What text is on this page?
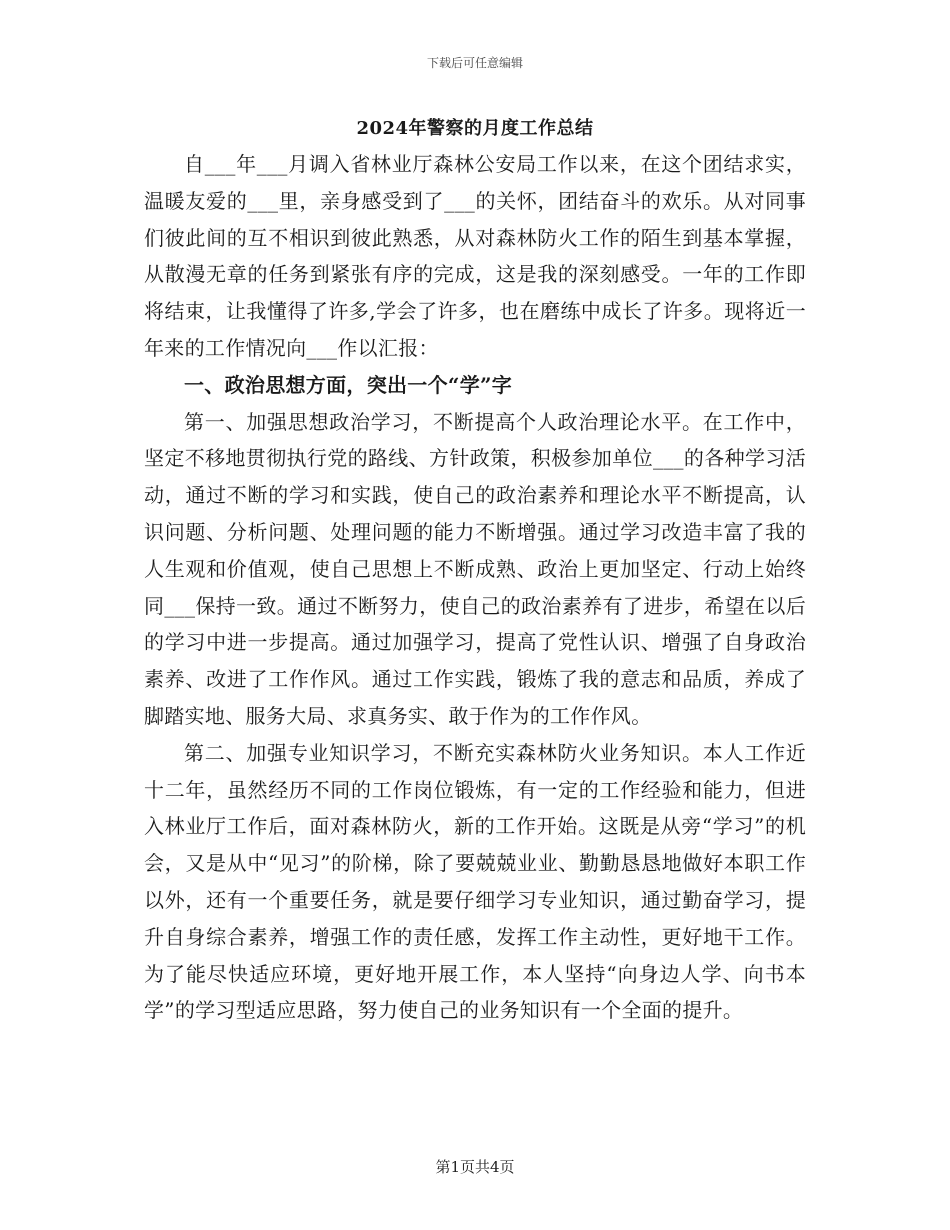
下载后可任意编辑
2024年警察的月度工作总结

自___年___月调入省林业厅森林公安局工作以来，在这个团结求实，温暖友爱的___里，亲身感受到了___的关怀，团结奋斗的欢乐。从对同事们彼此间的互不相识到彼此熟悉，从对森林防火工作的陌生到基本掌握，从散漫无章的任务到紧张有序的完成，这是我的深刻感受。一年的工作即将结束，让我懂得了许多,学会了许多，也在磨练中成长了许多。现将近一年来的工作情况向___作以汇报：

一、政治思想方面，突出一个“学”字

第一、加强思想政治学习，不断提高个人政治理论水平。在工作中，坚定不移地贯彻执行党的路线、方针政策，积极参加单位___的各种学习活动，通过不断的学习和实践，使自己的政治素养和理论水平不断提高，认识问题、分析问题、处理问题的能力不断增强。通过学习改造丰富了我的人生观和价值观，使自己思想上不断成熟、政治上更加坚定、行动上始终同___保持一致。通过不断努力，使自己的政治素养有了进步，希望在以后的学习中进一步提高。通过加强学习，提高了党性认识、增强了自身政治素养、改进了工作作风。通过工作实践，锻炼了我的意志和品质，养成了脚踏实地、服务大局、求真务实、敢于作为的工作作风。

第二、加强专业知识学习，不断充实森林防火业务知识。本人工作近十二年，虽然经历不同的工作岗位锻炼，有一定的工作经验和能力，但进入林业厅工作后，面对森林防火，新的工作开始。这既是从旁“学习”的机会，又是从中“见习”的阶梯，除了要兢兢业业、勤勤恳恳地做好本职工作以外，还有一个重要任务，就是要仔细学习专业知识，通过勤奋学习，提升自身综合素养，增强工作的责任感，发挥工作主动性，更好地干工作。为了能尽快适应环境，更好地开展工作，本人坚持“向身边人学、向书本学”的学习型适应思路，努力使自己的业务知识有一个全面的提升。

第1页共4页
